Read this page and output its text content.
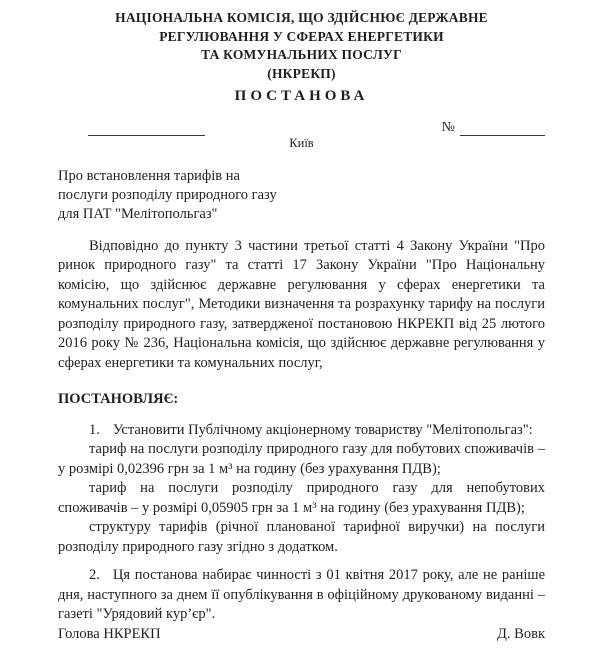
НАЦІОНАЛЬНА КОМІСІЯ, ЩО ЗДІЙСНЮЄ ДЕРЖАВНЕ
РЕГУЛЮВАННЯ У СФЕРАХ ЕНЕРГЕТИКИ
ТА КОМУНАЛЬНИХ ПОСЛУГ
(НКРЕКП)
ПОСТАНОВА
№
Київ
Про встановлення тарифів на
послуги розподілу природного газу
для ПАТ "Мелітопольгаз"

Відповідно до пункту 3 частини третьої статті 4 Закону України "Про ринок природного газу" та статті 17 Закону України "Про Національну комісію, що здійснює державне регулювання у сферах енергетики та комунальних послуг", Методики визначення та розрахунку тарифу на послуги розподілу природного газу, затвердженої постановою НКРЕКП від 25 лютого 2016 року № 236, Національна комісія, що здійснює державне регулювання у сферах енергетики та комунальних послуг,

ПОСТАНОВЛЯЄ:

1. Установити Публічному акціонерному товариству "Мелітопольгаз":

тариф на послуги розподілу природного газу для побутових споживачів – у розмірі 0,02396 грн за 1 м³ на годину (без урахування ПДВ);

тариф на послуги розподілу природного газу для непобутових споживачів – у розмірі 0,05905 грн за 1 м³ на годину (без урахування ПДВ);

структуру тарифів (річної планованої тарифної виручки) на послуги розподілу природного газу згідно з додатком.

2. Ця постанова набирає чинності з 01 квітня 2017 року, але не раніше дня, наступного за днем її опублікування в офіційному друкованому виданні – газеті "Урядовий кур’єр".

Голова НКРЕКП	Д. Вовк
